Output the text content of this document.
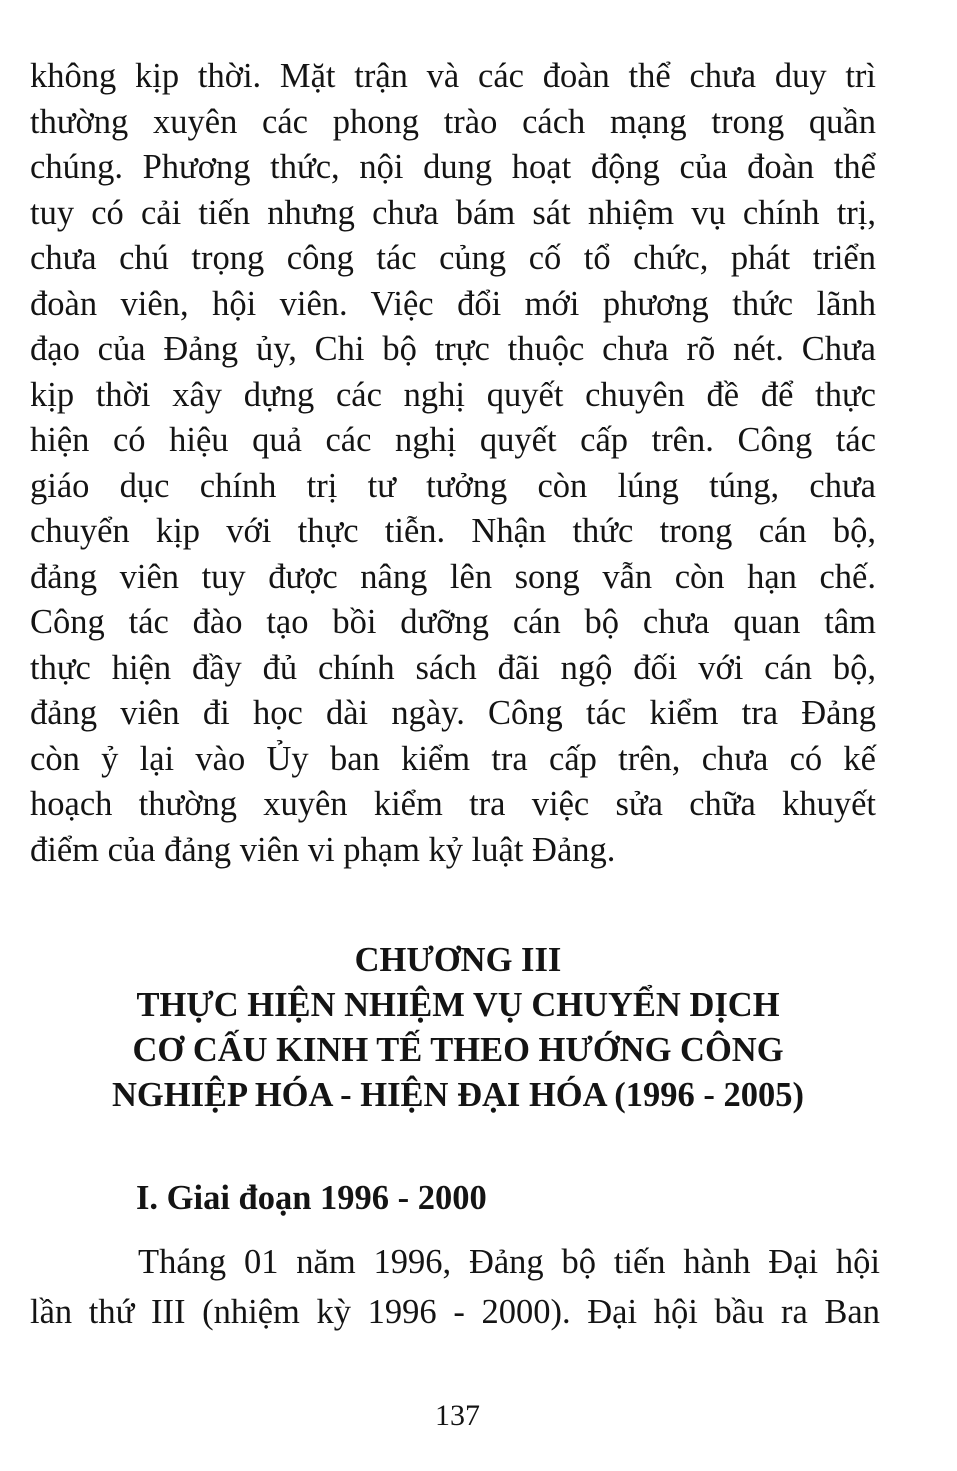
không kịp thời. Mặt trận và các đoàn thể chưa duy trì
thường xuyên các phong trào cách mạng trong quần
chúng. Phương thức, nội dung hoạt động của đoàn thể
tuy có cải tiến nhưng chưa bám sát nhiệm vụ chính trị,
chưa chú trọng công tác củng cố tổ chức, phát triển
đoàn viên, hội viên. Việc đổi mới phương thức lãnh
đạo của Đảng ủy, Chi bộ trực thuộc chưa rõ nét. Chưa
kịp thời xây dựng các nghị quyết chuyên đề để thực
hiện có hiệu quả các nghị quyết cấp trên. Công tác
giáo dục chính trị tư tưởng còn lúng túng, chưa
chuyển kịp với thực tiễn. Nhận thức trong cán bộ,
đảng viên tuy được nâng lên song vẫn còn hạn chế.
Công tác đào tạo bồi dưỡng cán bộ chưa quan tâm
thực hiện đầy đủ chính sách đãi ngộ đối với cán bộ,
đảng viên đi học dài ngày. Công tác kiểm tra Đảng
còn ỷ lại vào Ủy ban kiểm tra cấp trên, chưa có kế
hoạch thường xuyên kiểm tra việc sửa chữa khuyết
điểm của đảng viên vi phạm kỷ luật Đảng.

CHƯƠNG III
THỰC HIỆN NHIỆM VỤ CHUYỂN DỊCH
CƠ CẤU KINH TẾ THEO HƯỚNG CÔNG
NGHIỆP HÓA - HIỆN ĐẠI HÓA (1996 - 2005)
I. Giai đoạn 1996 - 2000

Tháng 01 năm 1996, Đảng bộ tiến hành Đại hội
lần thứ III (nhiệm kỳ 1996 - 2000). Đại hội bầu ra Ban

137
